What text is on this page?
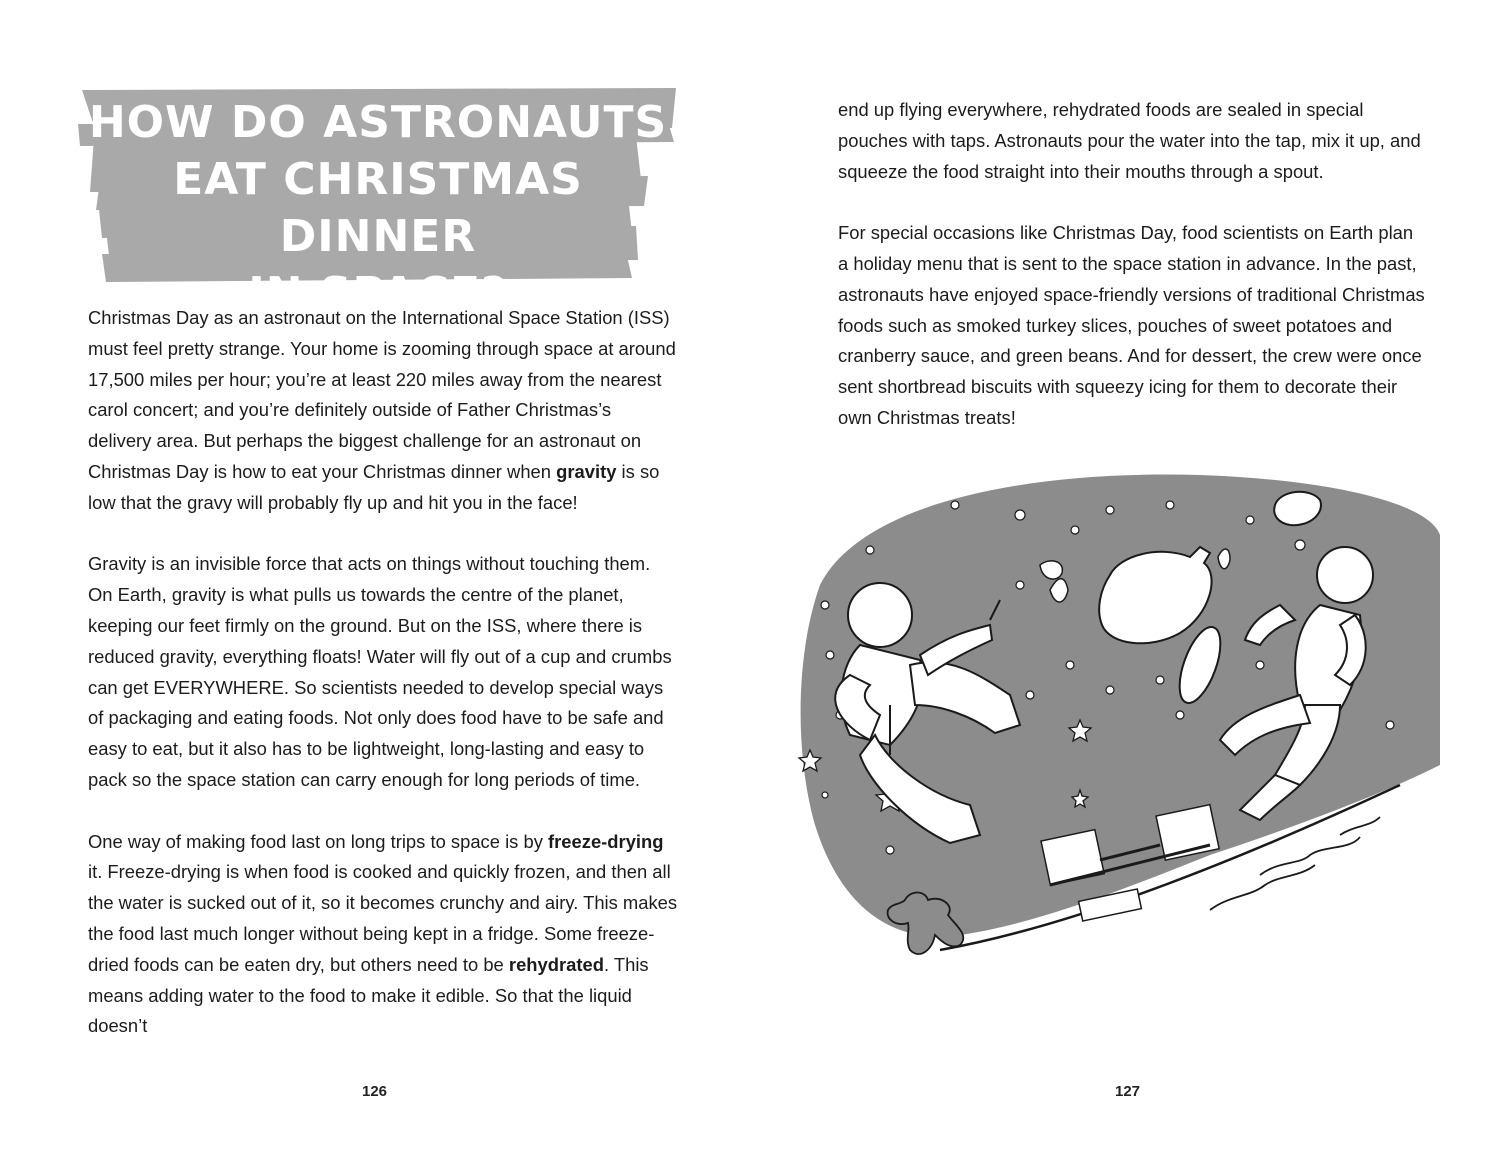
HOW DO ASTRONAUTS
EAT CHRISTMAS DINNER
IN SPACE?

Christmas Day as an astronaut on the International Space Station (ISS) must feel pretty strange. Your home is zooming through space at around 17,500 miles per hour; you’re at least 220 miles away from the nearest carol concert; and you’re definitely outside of Father Christmas’s delivery area. But perhaps the biggest challenge for an astronaut on Christmas Day is how to eat your Christmas dinner when gravity is so low that the gravy will probably fly up and hit you in the face!

Gravity is an invisible force that acts on things without touching them. On Earth, gravity is what pulls us towards the centre of the planet, keeping our feet firmly on the ground. But on the ISS, where there is reduced gravity, everything floats! Water will fly out of a cup and crumbs can get EVERYWHERE. So scientists needed to develop special ways of packaging and eating foods. Not only does food have to be safe and easy to eat, but it also has to be lightweight, long-lasting and easy to pack so the space station can carry enough for long periods of time.

One way of making food last on long trips to space is by freeze-drying it. Freeze-drying is when food is cooked and quickly frozen, and then all the water is sucked out of it, so it becomes crunchy and airy. This makes the food last much longer without being kept in a fridge. Some freeze-dried foods can be eaten dry, but others need to be rehydrated. This means adding water to the food to make it edible. So that the liquid doesn’t

126

end up flying everywhere, rehydrated foods are sealed in special pouches with taps. Astronauts pour the water into the tap, mix it up, and squeeze the food straight into their mouths through a spout.

For special occasions like Christmas Day, food scientists on Earth plan a holiday menu that is sent to the space station in advance. In the past, astronauts have enjoyed space-friendly versions of traditional Christmas foods such as smoked turkey slices, pouches of sweet potatoes and cranberry sauce, and green beans. And for dessert, the crew were once sent shortbread biscuits with squeezy icing for them to decorate their own Christmas treats!

127
